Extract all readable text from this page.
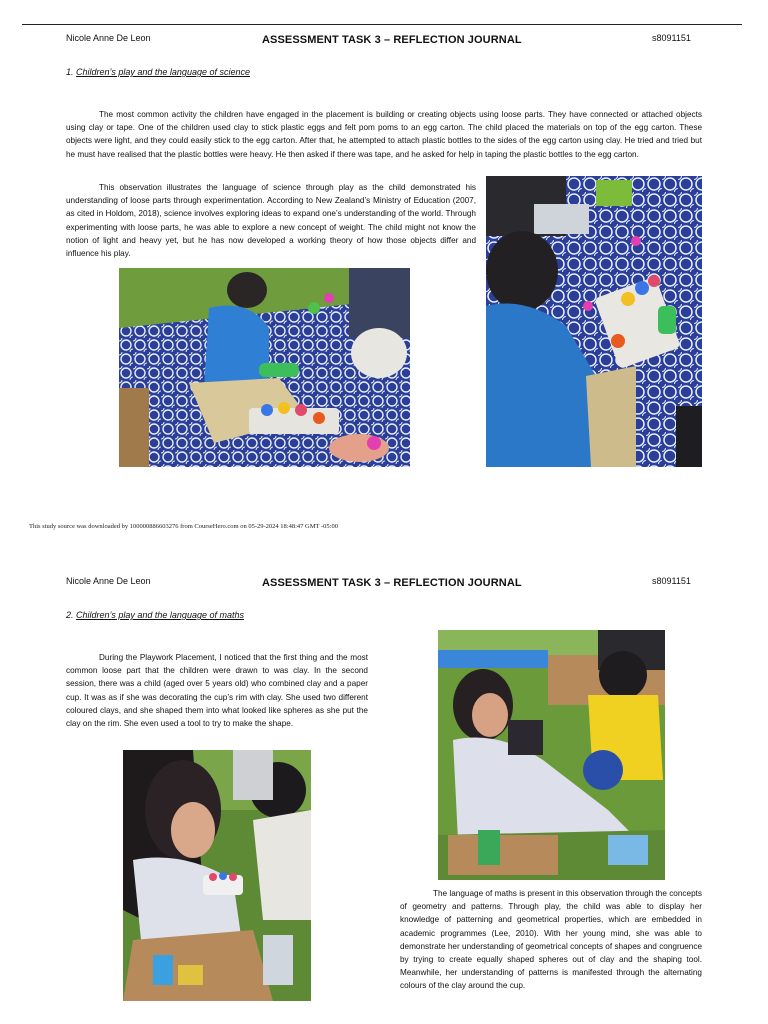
Nicole Anne De Leon	ASSESSMENT TASK 3 – REFLECTION JOURNAL	s8091151
1. Children’s play and the language of science

The most common activity the children have engaged in the placement is building or creating objects using loose parts. They have connected or attached objects using clay or tape. One of the children used clay to stick plastic eggs and felt pom poms to an egg carton. The child placed the materials on top of the egg carton. These objects were light, and they could easily stick to the egg carton. After that, he attempted to attach plastic bottles to the sides of the egg carton using clay. He tried and tried but he must have realised that the plastic bottles were heavy. He then asked if there was tape, and he asked for help in taping the plastic bottles to the egg carton.

This observation illustrates the language of science through play as the child demonstrated his understanding of loose parts through experimentation. According to New Zealand’s Ministry of Education (2007, as cited in Holdom, 2018), science involves exploring ideas to expand one’s understanding of the world. Through experimenting with loose parts, he was able to explore a new concept of weight. The child might not know the notion of light and heavy yet, but he has now developed a working theory of how those objects differ and influence his play.

This study source was downloaded by 100000886603276 from CourseHero.com on 05-29-2024 18:48:47 GMT -05:00
Nicole Anne De Leon	ASSESSMENT TASK 3 – REFLECTION JOURNAL	s8091151
2. Children’s play and the language of maths

During the Playwork Placement, I noticed that the first thing and the most common loose part that the children were drawn to was clay. In the second session, there was a child (aged over 5 years old) who combined clay and a paper cup. It was as if she was decorating the cup’s rim with clay. She used two different coloured clays, and she shaped them into what looked like spheres as she put the clay on the rim. She even used a tool to try to make the shape.

The language of maths is present in this observation through the concepts of geometry and patterns. Through play, the child was able to display her knowledge of patterning and geometrical properties, which are embedded in academic programmes (Lee, 2010). With her young mind, she was able to demonstrate her understanding of geometrical concepts of shapes and congruence by trying to create equally shaped spheres out of clay and the shaping tool. Meanwhile, her understanding of patterns is manifested through the alternating colours of the clay around the cup.
